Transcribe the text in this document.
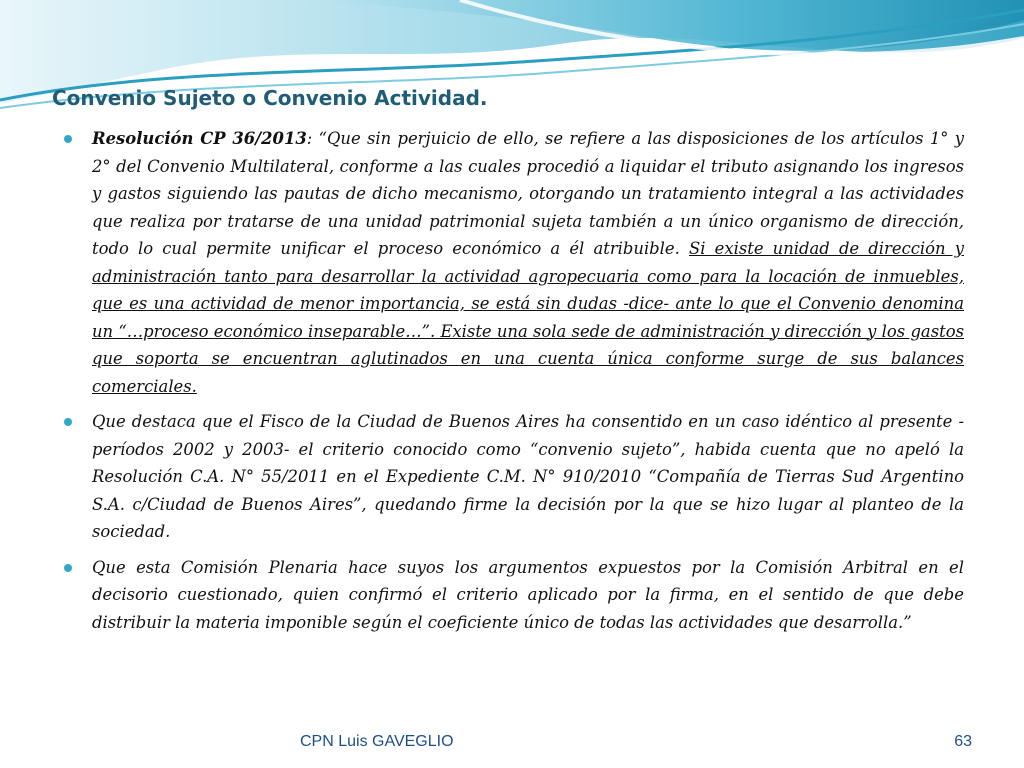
Convenio Sujeto o Convenio Actividad.
Resolución CP 36/2013: “Que sin perjuicio de ello, se refiere a las disposiciones de los artículos 1° y 2° del Convenio Multilateral, conforme a las cuales procedió a liquidar el tributo asignando los ingresos y gastos siguiendo las pautas de dicho mecanismo, otorgando un tratamiento integral a las actividades que realiza por tratarse de una unidad patrimonial sujeta también a un único organismo de dirección, todo lo cual permite unificar el proceso económico a él atribuible. Si existe unidad de dirección y administración tanto para desarrollar la actividad agropecuaria como para la locación de inmuebles, que es una actividad de menor importancia, se está sin dudas -dice- ante lo que el Convenio denomina un “…proceso económico inseparable…”. Existe una sola sede de administración y dirección y los gastos que soporta se encuentran aglutinados en una cuenta única conforme surge de sus balances comerciales.
Que destaca que el Fisco de la Ciudad de Buenos Aires ha consentido en un caso idéntico al presente -períodos 2002 y 2003- el criterio conocido como “convenio sujeto”, habida cuenta que no apeló la Resolución C.A. N° 55/2011 en el Expediente C.M. N° 910/2010 “Compañía de Tierras Sud Argentino S.A. c/Ciudad de Buenos Aires”, quedando firme la decisión por la que se hizo lugar al planteo de la sociedad.
Que esta Comisión Plenaria hace suyos los argumentos expuestos por la Comisión Arbitral en el decisorio cuestionado, quien confirmó el criterio aplicado por la firma, en el sentido de que debe distribuir la materia imponible según el coeficiente único de todas las actividades que desarrolla.”
CPN Luis GAVEGLIO	63
